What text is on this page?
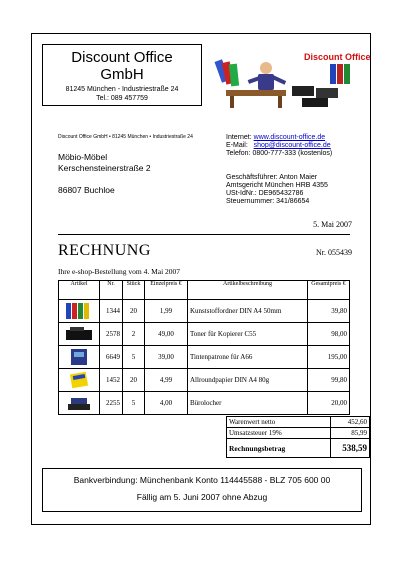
Discount Office
GmbH
81245 München - Industriestraße 24
Tel.: 089 457759
Discount Office
Discount Office GmbH • 81245 München • Industriestraße 24
Möbio-Möbel
Kerschensteinerstraße 2
86807 Buchloe
Internet: www.discount-office.de
E-Mail: shop@discount-office.de
Telefon: 0800-777-333 (kostenlos)
Geschäftsführer: Anton Maier
Amtsgericht München HRB 4355
USt-IdNr.: DE965432786
Steuernummer: 341/86654
5. Mai 2007
RECHNUNG	Nr. 055439
Ihre e-shop-Bestellung vom 4. Mai 2007
Artikel	Nr.	Stück	Einzelpreis €	Artikelbeschreibung	Gesamtpreis €
	1344	20	1,99	Kunststoffordner DIN A4 50mm	39,80
	2578	2	49,00	Toner für Kopierer C55	98,00
	6649	5	39,00	Tintenpatrone für A66	195,00
	1452	20	4,99	Allroundpapier DIN A4 80g	99,80
	2255	5	4,00	Bürolocher	20,00
Warenwert netto	452,60
Umsatzsteuer 19%	85,99
Rechnungsbetrag	538,59
Bankverbindung: Münchenbank Konto 114445588 - BLZ 705 600 00
Fällig am 5. Juni 2007 ohne Abzug
